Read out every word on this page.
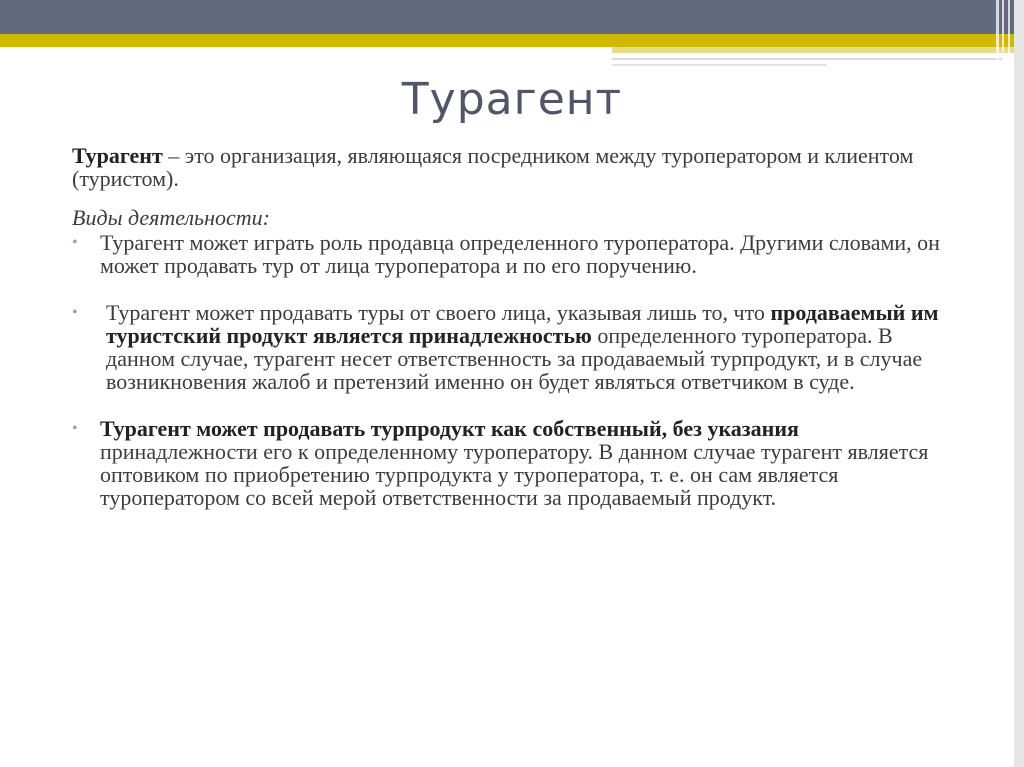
Турагент

Турагент – это организация, являющаяся посредником между туроператором и клиентом (туристом).

Виды деятельности:

• Турагент может играть роль продавца определенного туроператора. Другими словами, он может продавать тур от лица туроператора и по его поручению.
• Турагент может продавать туры от своего лица, указывая лишь то, что продаваемый им туристский продукт является принадлежностью определенного туроператора. В данном случае, турагент несет ответственность за продаваемый турпродукт, и в случае возникновения жалоб и претензий именно он будет являться ответчиком в суде.
• Турагент может продавать турпродукт как собственный, без указания принадлежности его к определенному туроператору. В данном случае турагент является оптовиком по приобретению турпродукта у туроператора, т. е. он сам является туроператором со всей мерой ответственности за продаваемый продукт.
